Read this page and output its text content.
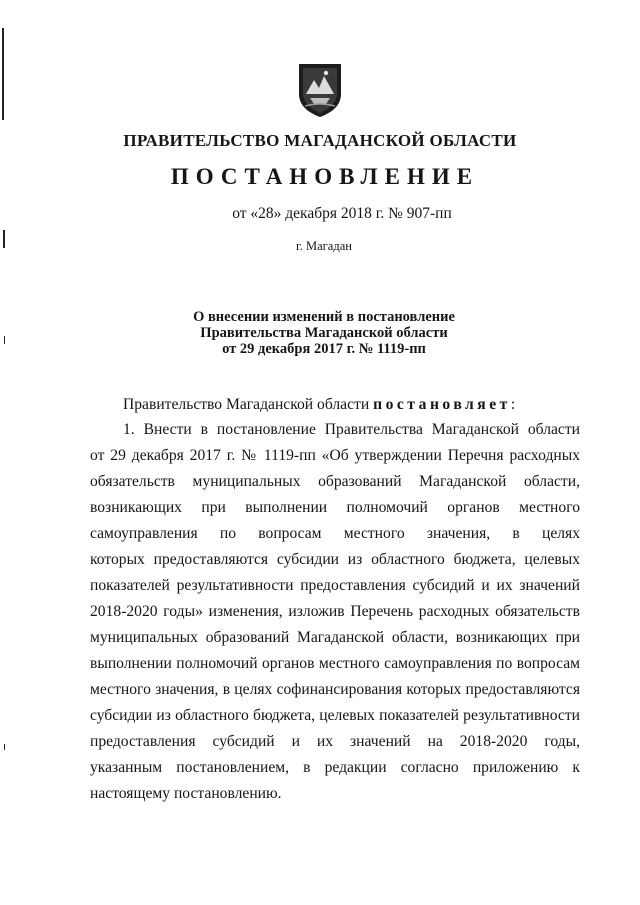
ПРАВИТЕЛЬСТВО МАГАДАНСКОЙ ОБЛАСТИ
ПОСТАНОВЛЕНИЕ
от «28» декабря 2018 г. № 907-пп
г. Магадан
О внесении изменений в постановление
Правительства Магаданской области
от 29 декабря 2017 г. № 1119-пп
Правительство Магаданской области постановляет:
1. Внести в постановление Правительства Магаданской области
от 29 декабря 2017 г. № 1119-пп «Об утверждении Перечня расходных
обязательств муниципальных образований Магаданской области,
возникающих при выполнении полномочий органов местного
самоуправления по вопросам местного значения, в целях
которых предоставляются субсидии из областного бюджета, целевых
показателей результативности предоставления субсидий и их значений
2018-2020 годы» изменения, изложив Перечень расходных обязательств
муниципальных образований Магаданской области, возникающих при
выполнении полномочий органов местного самоуправления по вопросам
местного значения, в целях софинансирования которых предоставляются
субсидии из областного бюджета, целевых показателей результативности
предоставления субсидий и их значений на 2018-2020 годы,
указанным постановлением, в редакции согласно приложению к
настоящему постановлению.
